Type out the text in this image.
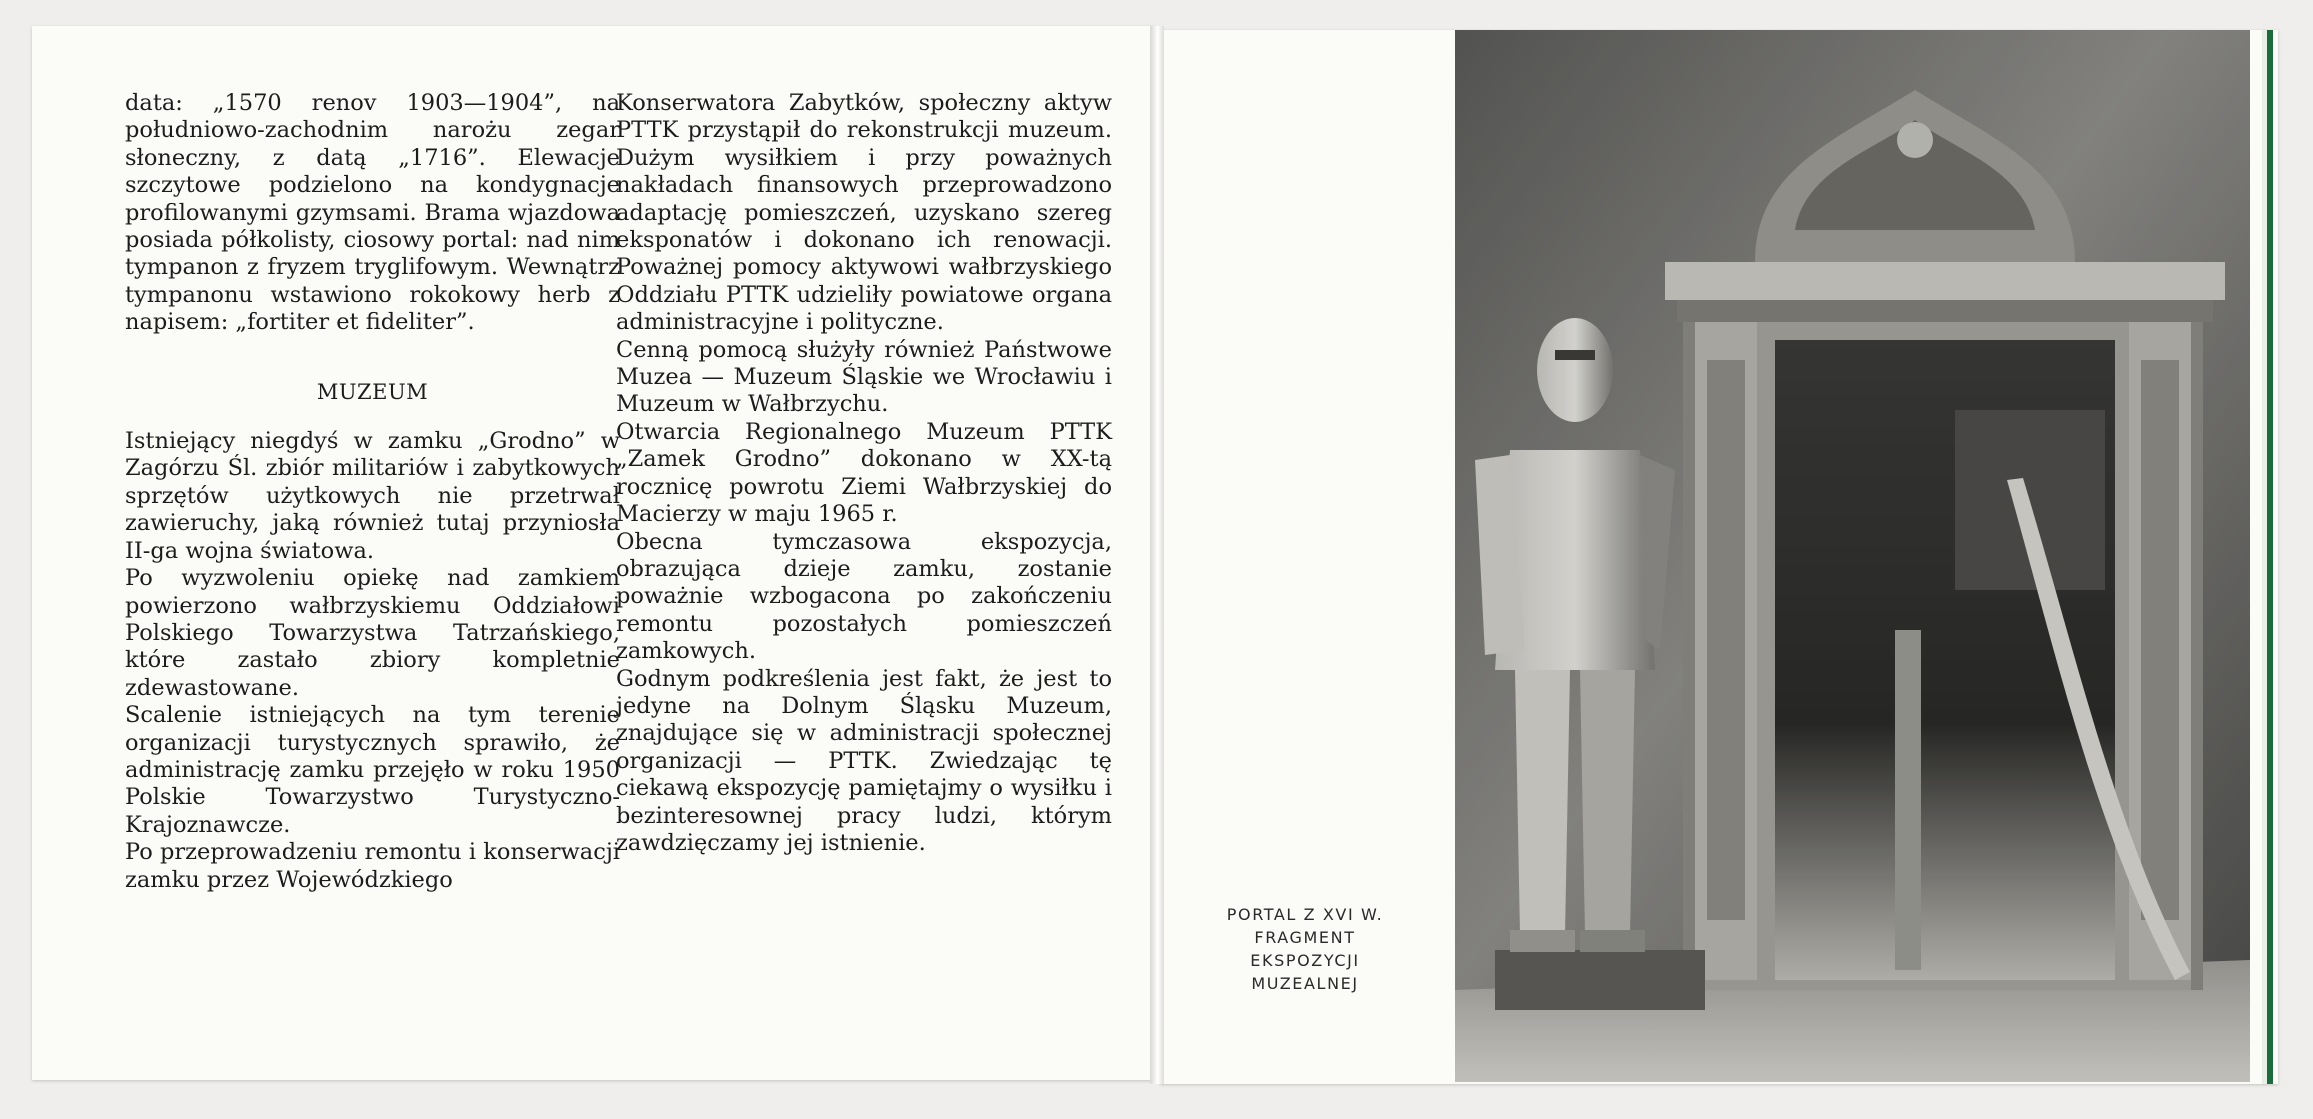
data: „1570 renov 1903—1904”, na południowo-zachodnim narożu zegar słoneczny, z datą „1716”. Elewacje szczytowe podzielono na kondygnacje profilowanymi gzymsami. Brama wjazdowa posiada półkolisty, ciosowy portal: nad nim tympanon z fryzem tryglifowym. Wewnątrz tympanonu wstawiono rokokowy herb z napisem: „fortiter et fideliter”.

MUZEUM

Istniejący niegdyś w zamku „Grodno” w Zagórzu Śl. zbiór militariów i zabytkowych sprzętów użytkowych nie przetrwał zawieruchy, jaką również tutaj przyniosła II-ga wojna światowa.

Po wyzwoleniu opiekę nad zamkiem powierzono wałbrzyskiemu Oddziałowi Polskiego Towarzystwa Tatrzańskiego, które zastało zbiory kompletnie zdewastowane.

Scalenie istniejących na tym terenie organizacji turystycznych sprawiło, że administrację zamku przejęło w roku 1950 Polskie Towarzystwo Turystyczno-Krajoznawcze.

Po przeprowadzeniu remontu i konserwacji zamku przez Wojewódzkiego

Konserwatora Zabytków, społeczny aktyw PTTK przystąpił do rekonstrukcji muzeum. Dużym wysiłkiem i przy poważnych nakładach finansowych przeprowadzono adaptację pomieszczeń, uzyskano szereg eksponatów i dokonano ich renowacji. Poważnej pomocy aktywowi wałbrzyskiego Oddziału PTTK udzieliły powiatowe organa administracyjne i polityczne.

Cenną pomocą służyły również Państwowe Muzea — Muzeum Śląskie we Wrocławiu i Muzeum w Wałbrzychu.

Otwarcia Regionalnego Muzeum PTTK „Zamek Grodno” dokonano w XX-tą rocznicę powrotu Ziemi Wałbrzyskiej do Macierzy w maju 1965 r.

Obecna tymczasowa ekspozycja, obrazująca dzieje zamku, zostanie poważnie wzbogacona po zakończeniu remontu pozostałych pomieszczeń zamkowych.

Godnym podkreślenia jest fakt, że jest to jedyne na Dolnym Śląsku Muzeum, znajdujące się w administracji społecznej organizacji — PTTK. Zwiedzając tę ciekawą ekspozycję pamiętajmy o wysiłku i bezinteresownej pracy ludzi, którym zawdzięczamy jej istnienie.

PORTAL Z XVI W.
FRAGMENT
EKSPOZYCJI
MUZEALNEJ
